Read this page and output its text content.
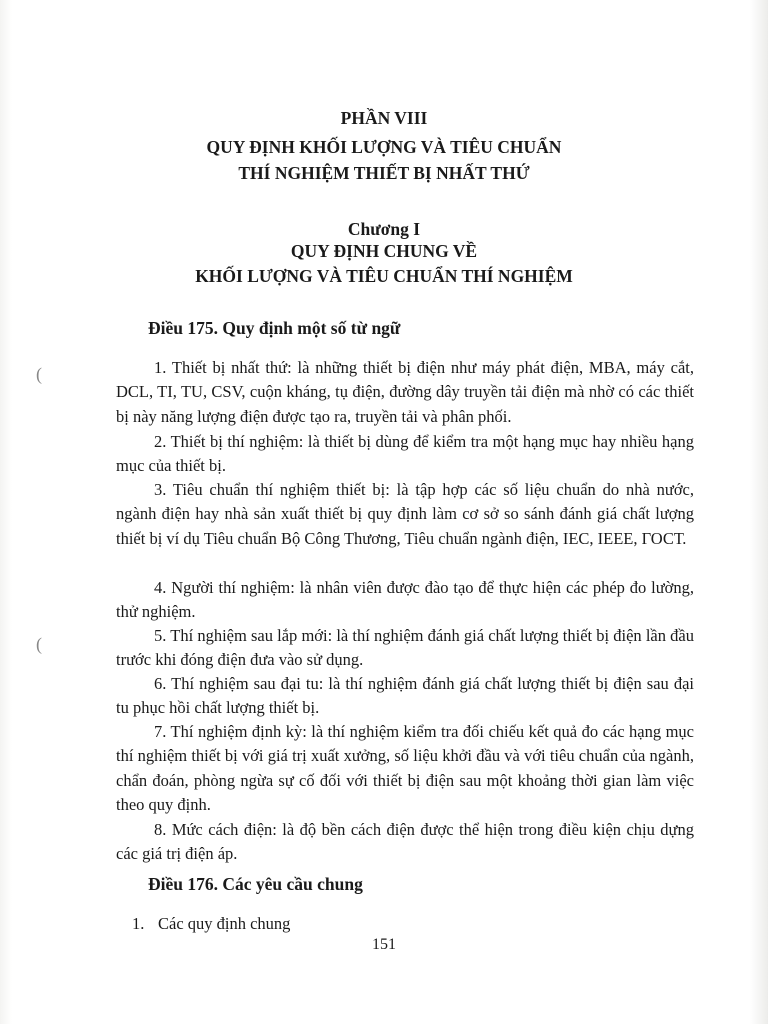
(
(
PHẦN VIII
QUY ĐỊNH KHỐI LƯỢNG VÀ TIÊU CHUẨN
THÍ NGHIỆM THIẾT BỊ NHẤT THỨ
Chương I
QUY ĐỊNH CHUNG VỀ
KHỐI LƯỢNG VÀ TIÊU CHUẨN THÍ NGHIỆM
Điều 175. Quy định một số từ ngữ
1. Thiết bị nhất thứ: là những thiết bị điện như máy phát điện, MBA, máy cắt, DCL, TI, TU, CSV, cuộn kháng, tụ điện, đường dây truyền tải điện mà nhờ có các thiết bị này năng lượng điện được tạo ra, truyền tải và phân phối.
2. Thiết bị thí nghiệm: là thiết bị dùng để kiểm tra một hạng mục hay nhiều hạng mục của thiết bị.
3. Tiêu chuẩn thí nghiệm thiết bị: là tập hợp các số liệu chuẩn do nhà nước, ngành điện hay nhà sản xuất thiết bị quy định làm cơ sở so sánh đánh giá chất lượng thiết bị ví dụ Tiêu chuẩn Bộ Công Thương, Tiêu chuẩn ngành điện, IEC, IEEE, ГОСТ.
4. Người thí nghiệm: là nhân viên được đào tạo để thực hiện các phép đo lường, thử nghiệm.
5. Thí nghiệm sau lắp mới: là thí nghiệm đánh giá chất lượng thiết bị điện lần đầu trước khi đóng điện đưa vào sử dụng.
6. Thí nghiệm sau đại tu: là thí nghiệm đánh giá chất lượng thiết bị điện sau đại tu phục hồi chất lượng thiết bị.
7. Thí nghiệm định kỳ: là thí nghiệm kiểm tra đối chiếu kết quả đo các hạng mục thí nghiệm thiết bị với giá trị xuất xưởng, số liệu khởi đầu và với tiêu chuẩn của ngành, chẩn đoán, phòng ngừa sự cố đối với thiết bị điện sau một khoảng thời gian làm việc theo quy định.
8. Mức cách điện: là độ bền cách điện được thể hiện trong điều kiện chịu dựng các giá trị điện áp.
Điều 176. Các yêu cầu chung
1. Các quy định chung
151
